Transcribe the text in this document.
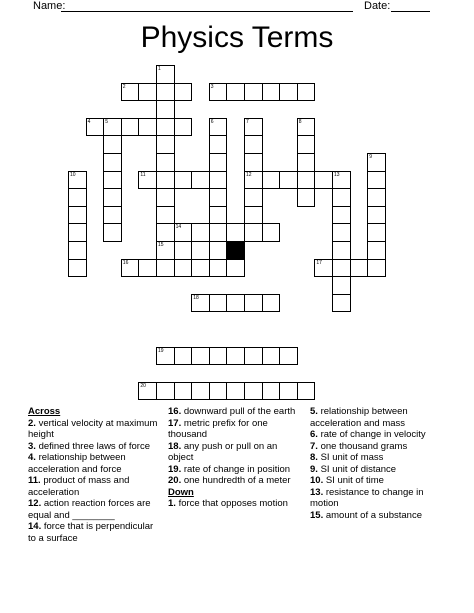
Name:	Date:
Physics Terms
1
15
2	3
4	5	6	7
12
8
9
10	11	13
14
16	17
18
19
20
Across
2. vertical velocity at maximum height
3. defined three laws of force
4. relationship between acceleration and force
11. product of mass and acceleration
12. action reaction forces are equal and ________
14. force that is perpendicular to a surface
16. downward pull of the earth
17. metric prefix for one thousand
18. any push or pull on an object
19. rate of change in position
20. one hundredth of a meter
Down
1. force that opposes motion
5. relationship between acceleration and mass
6. rate of change in velocity
7. one thousand grams
8. SI unit of mass
9. SI unit of distance
10. SI unit of time
13. resistance to change in motion
15. amount of a substance
